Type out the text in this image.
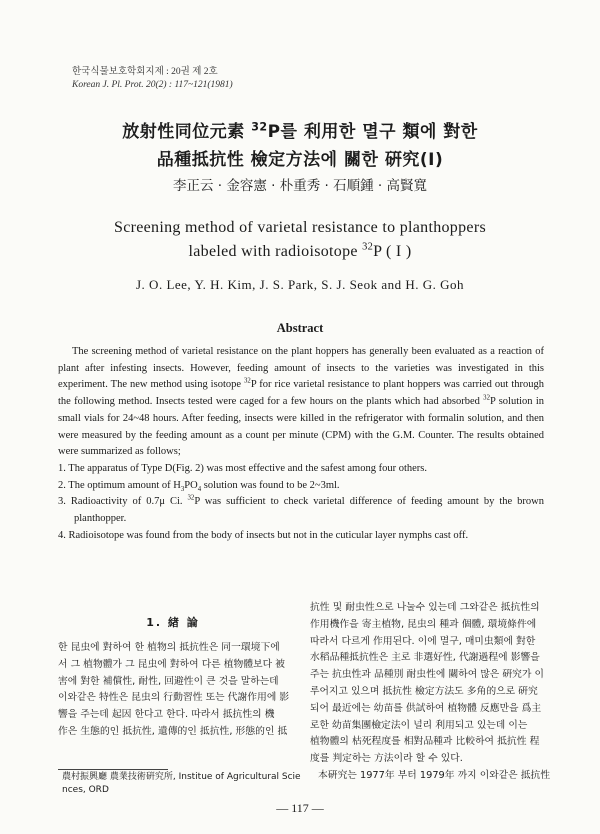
한국식물보호학회지제 : 20권 제 2호
Korean J. Pl. Prot. 20(2) : 117~121(1981)
放射性同位元素 $^{32}$P를 利用한 멸구 類에 對한
品種抵抗性 檢定方法에 關한 硏究(I)
李正云 · 金容憲 · 朴重秀 · 石順鍾 · 高賢寬
Screening method of varietal resistance to planthoppers
labeled with radioisotope $^{32}$P ( I )
J. O. Lee, Y. H. Kim, J. S. Park, S. J. Seok and H. G. Goh
Abstract

The screening method of varietal resistance on the plant hoppers has generally been evaluated as a reaction of plant after infesting insects. However, feeding amount of insects to the varieties was investigated in this experiment. The new method using isotope $^{32}$P for rice varietal resistance to plant hoppers was carried out through the following method. Insects tested were caged for a few hours on the plants which had absorbed $^{32}$P solution in small vials for 24~48 hours. After feeding, insects were killed in the refrigerator with formalin solution, and then were measured by the feeding amount as a count per minute (CPM) with the G.M. Counter. The results obtained were summarized as follows;

1. The apparatus of Type D(Fig. 2) was most effective and the safest among four others.
2. The optimum amount of $H_3PO_4$ solution was found to be 2~3ml.
3. Radioactivity of 0.7μ Ci. $^{32}$P was sufficient to check varietal difference of feeding amount by the brown planthopper.
4. Radioisotope was found from the body of insects but not in the cuticular layer nymphs cast off.
1. 緖 論

한 昆虫에 對하여 한 植物의 抵抗性은 同一環境下에

서 그 植物體가 그 昆虫에 對하여 다른 植物體보다 被

害에 對한 補償性, 耐性, 回避性이 큰 것을 말하는데

이와같은 特性은 昆虫의 行動習性 또는 代謝作用에 影

響을 주는데 起因 한다고 한다. 따라서 抵抗性의 機

作은 生態的인 抵抗性, 遺傳的인 抵抗性, 形態的인 抵

抗性 및 耐虫性으로 나눌수 있는데 그와같은 抵抗性의

作用機作을 寄主植物, 昆虫의 種과 個體, 環境條件에

따라서 다르게 作用된다. 이에 멸구, 매미虫類에 對한

水稻品種抵抗性은 主로 非選好性, 代謝過程에 影響을

주는 抗虫性과 品種別 耐虫性에 關하여 많은 硏究가 이

루어지고 있으며 抵抗性 檢定方法도 多角的으로 硏究

되어 最近에는 幼苗를 供試하여 植物體 反應만을 爲主

로한 幼苗集團檢定法이 널리 利用되고 있는데 이는

植物體의 枯死程度를 相對品種과 比較하여 抵抗性 程

度를 判定하는 方法이라 할 수 있다.

本硏究는 1977年 부터 1979年 까지 이와같은 抵抗性

農村振興廳 農業技術硏究所, Institue of Agricultural Scie
nces, ORD
— 117 —
